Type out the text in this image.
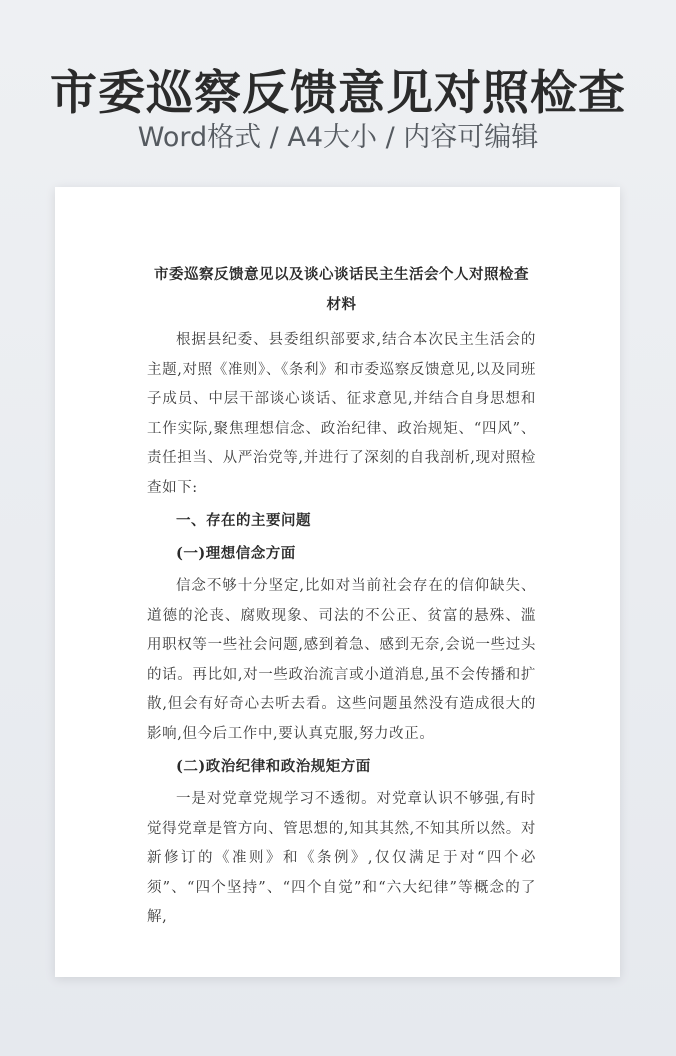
市委巡察反馈意见对照检查
Word格式 / A4大小 / 内容可编辑
市委巡察反馈意见以及谈心谈话民主生活会个人对照检查
材料

根据县纪委、县委组织部要求,结合本次民主生活会的主题,对照《准则》、《条利》和市委巡察反馈意见,以及同班子成员、中层干部谈心谈话、征求意见,并结合自身思想和工作实际,聚焦理想信念、政治纪律、政治规矩、“四风”、责任担当、从严治党等,并进行了深刻的自我剖析,现对照检查如下:

一、存在的主要问题
(一)理想信念方面

信念不够十分坚定,比如对当前社会存在的信仰缺失、道德的沦丧、腐败现象、司法的不公正、贫富的悬殊、滥用职权等一些社会问题,感到着急、感到无奈,会说一些过头的话。再比如,对一些政治流言或小道消息,虽不会传播和扩散,但会有好奇心去听去看。这些问题虽然没有造成很大的影响,但今后工作中,要认真克服,努力改正。

(二)政治纪律和政治规矩方面

一是对党章党规学习不透彻。对党章认识不够强,有时觉得党章是管方向、管思想的,知其其然,不知其所以然。对新修订的《准则》和《条例》,仅仅满足于对“四个必须”、“四个坚持”、“四个自觉”和“六大纪律”等概念的了解,
